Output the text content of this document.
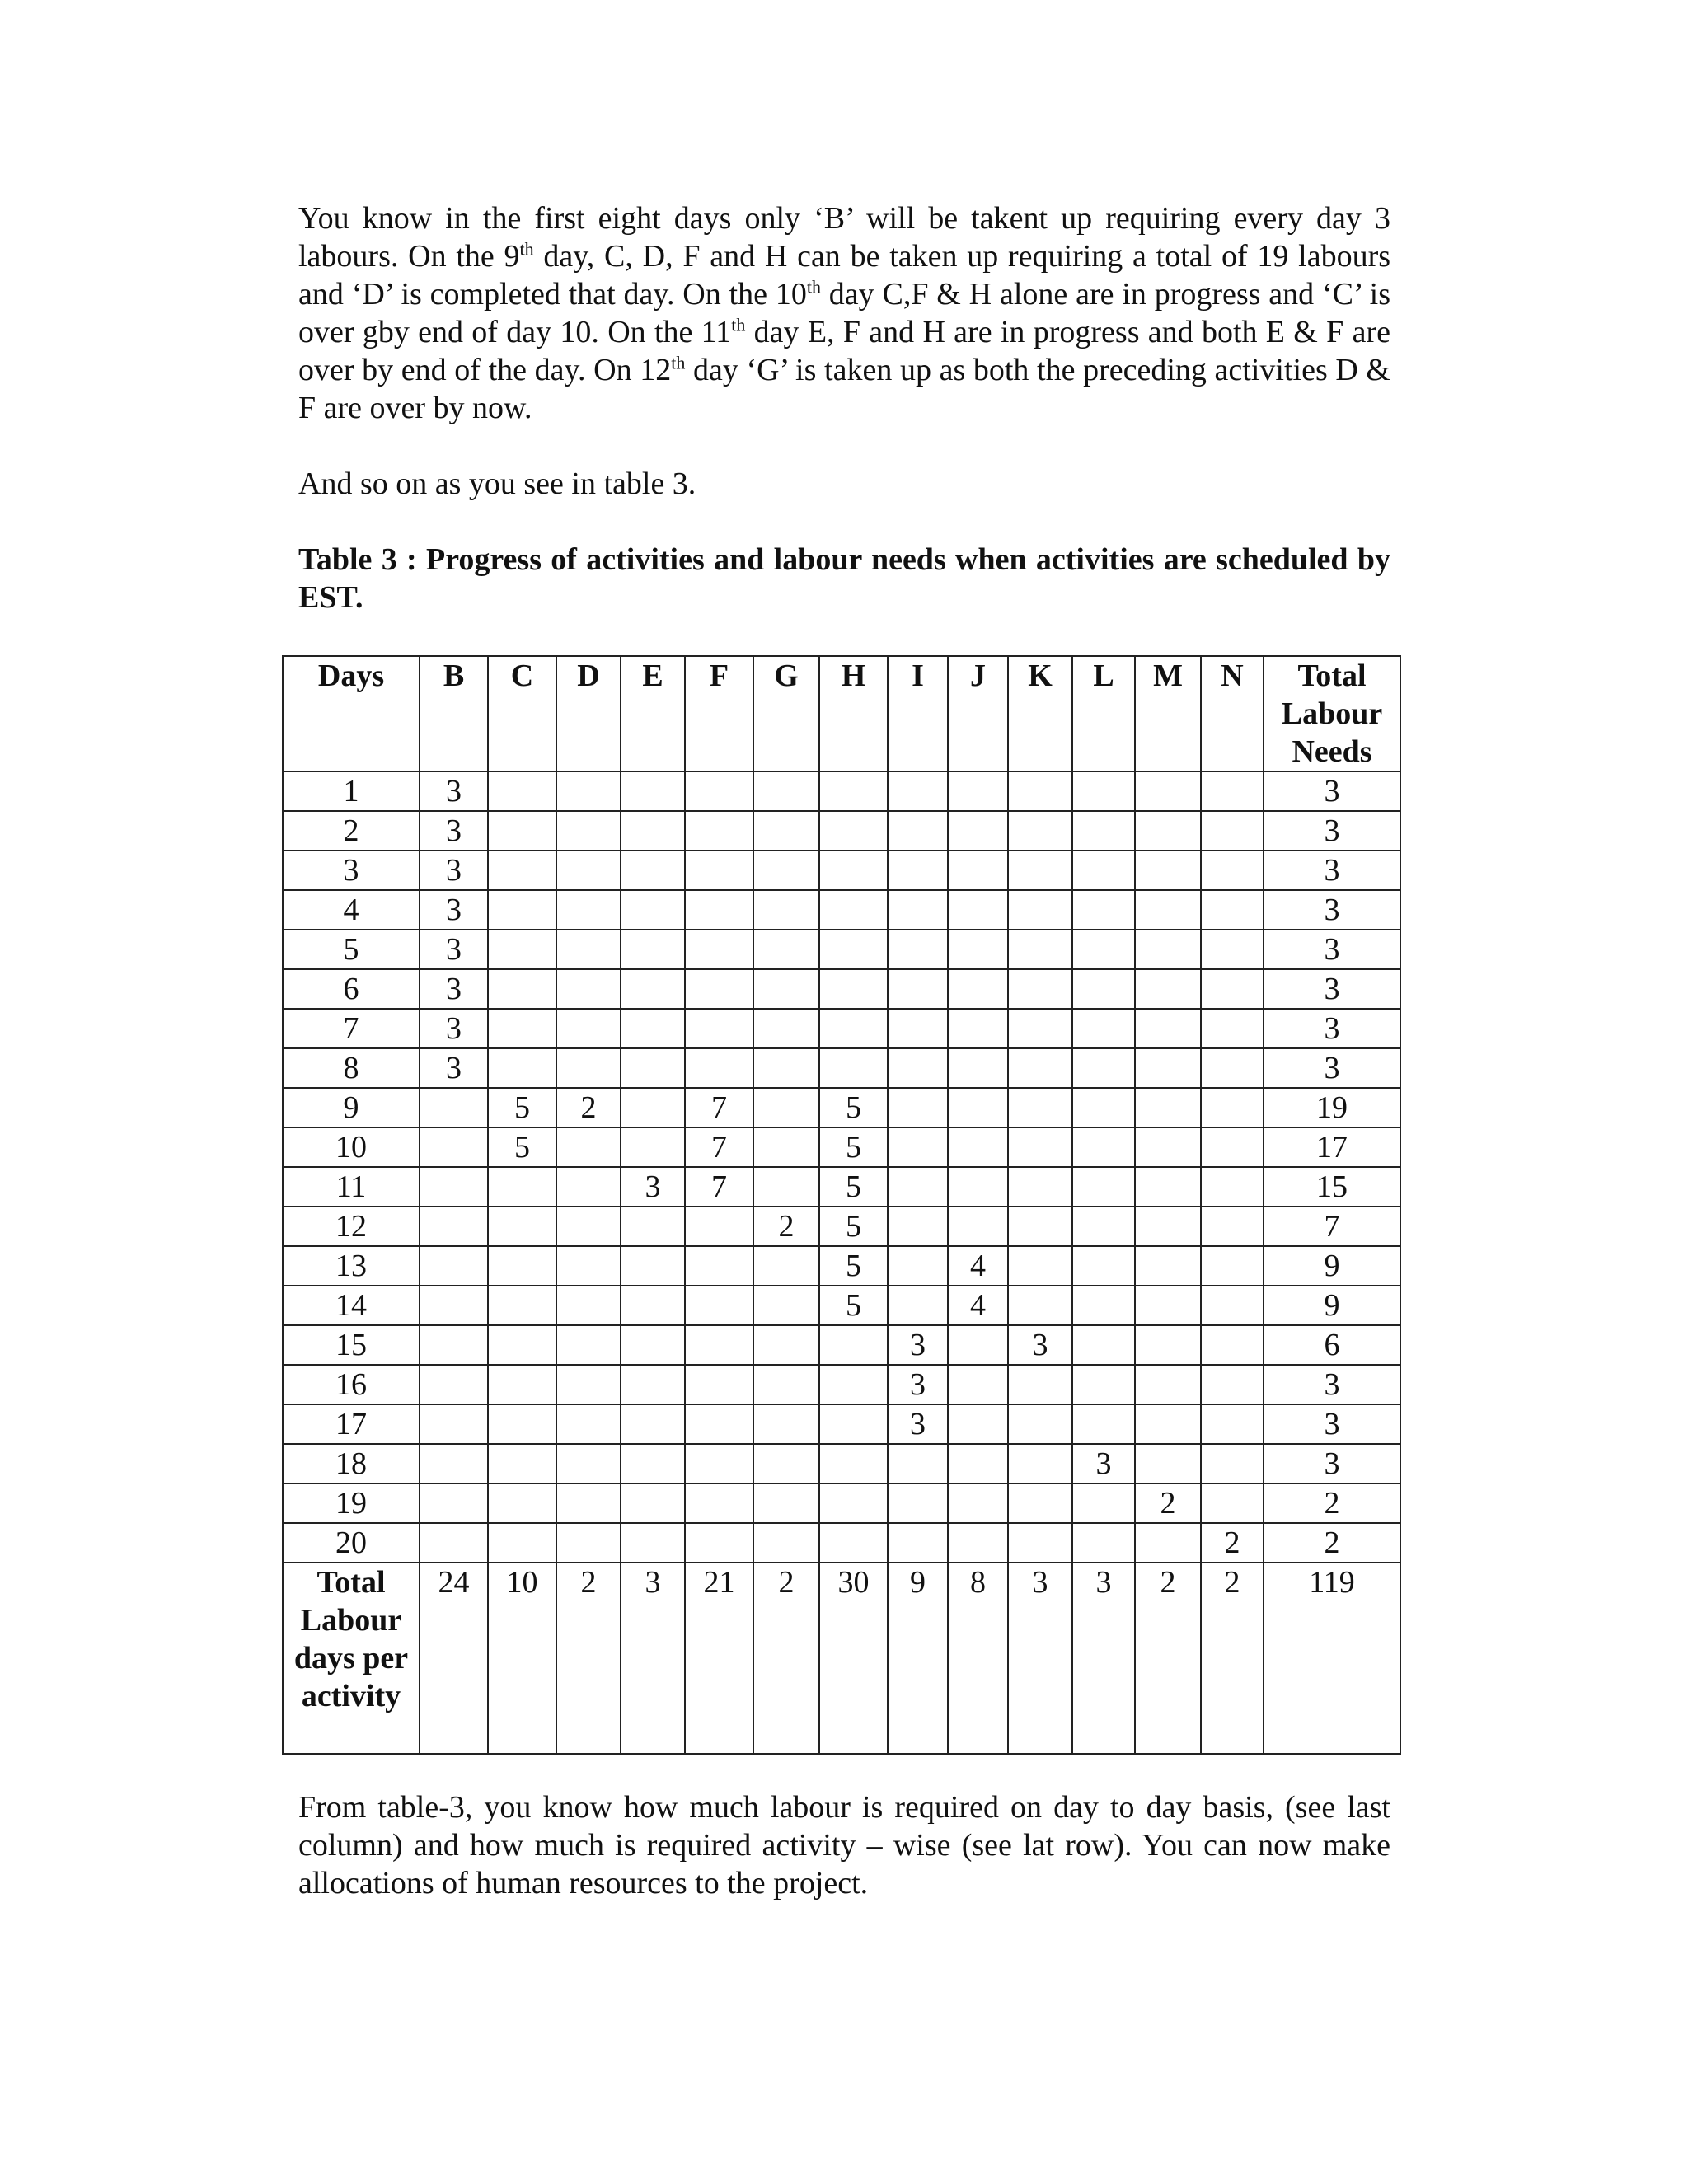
You know in the first eight days only ‘B’ will be takent up requiring every day 3 labours. On the 9th day, C, D, F and H can be taken up requiring a total of 19 labours and ‘D’ is completed that day. On the 10th day C,F & H alone are in progress and ‘C’ is over gby end of day 10. On the 11th day E, F and H are in progress and both E & F are over by end of the day. On 12th day ‘G’ is taken up as both the preceding activities D & F are over by now.

And so on as you see in table 3.

Table 3 : Progress of activities and labour needs when activities are scheduled by EST.

Days	B	C	D	E	F	G	H	I	J	K	L	M	N	Total Labour Needs
1	3													3
2	3													3
3	3													3
4	3													3
5	3													3
6	3													3
7	3													3
8	3													3
9		5	2		7		5							19
10		5			7		5							17
11				3	7		5							15
12						2	5							7
13							5		4					9
14							5		4					9
15								3		3				6
16								3						3
17								3						3
18											3			3
19												2		2
20													2	2
Total Labour days per activity	24	10	2	3	21	2	30	9	8	3	3	2	2	119

From table-3, you know how much labour is required on day to day basis, (see last column) and how much is required activity – wise (see lat row). You can now make allocations of human resources to the project.
